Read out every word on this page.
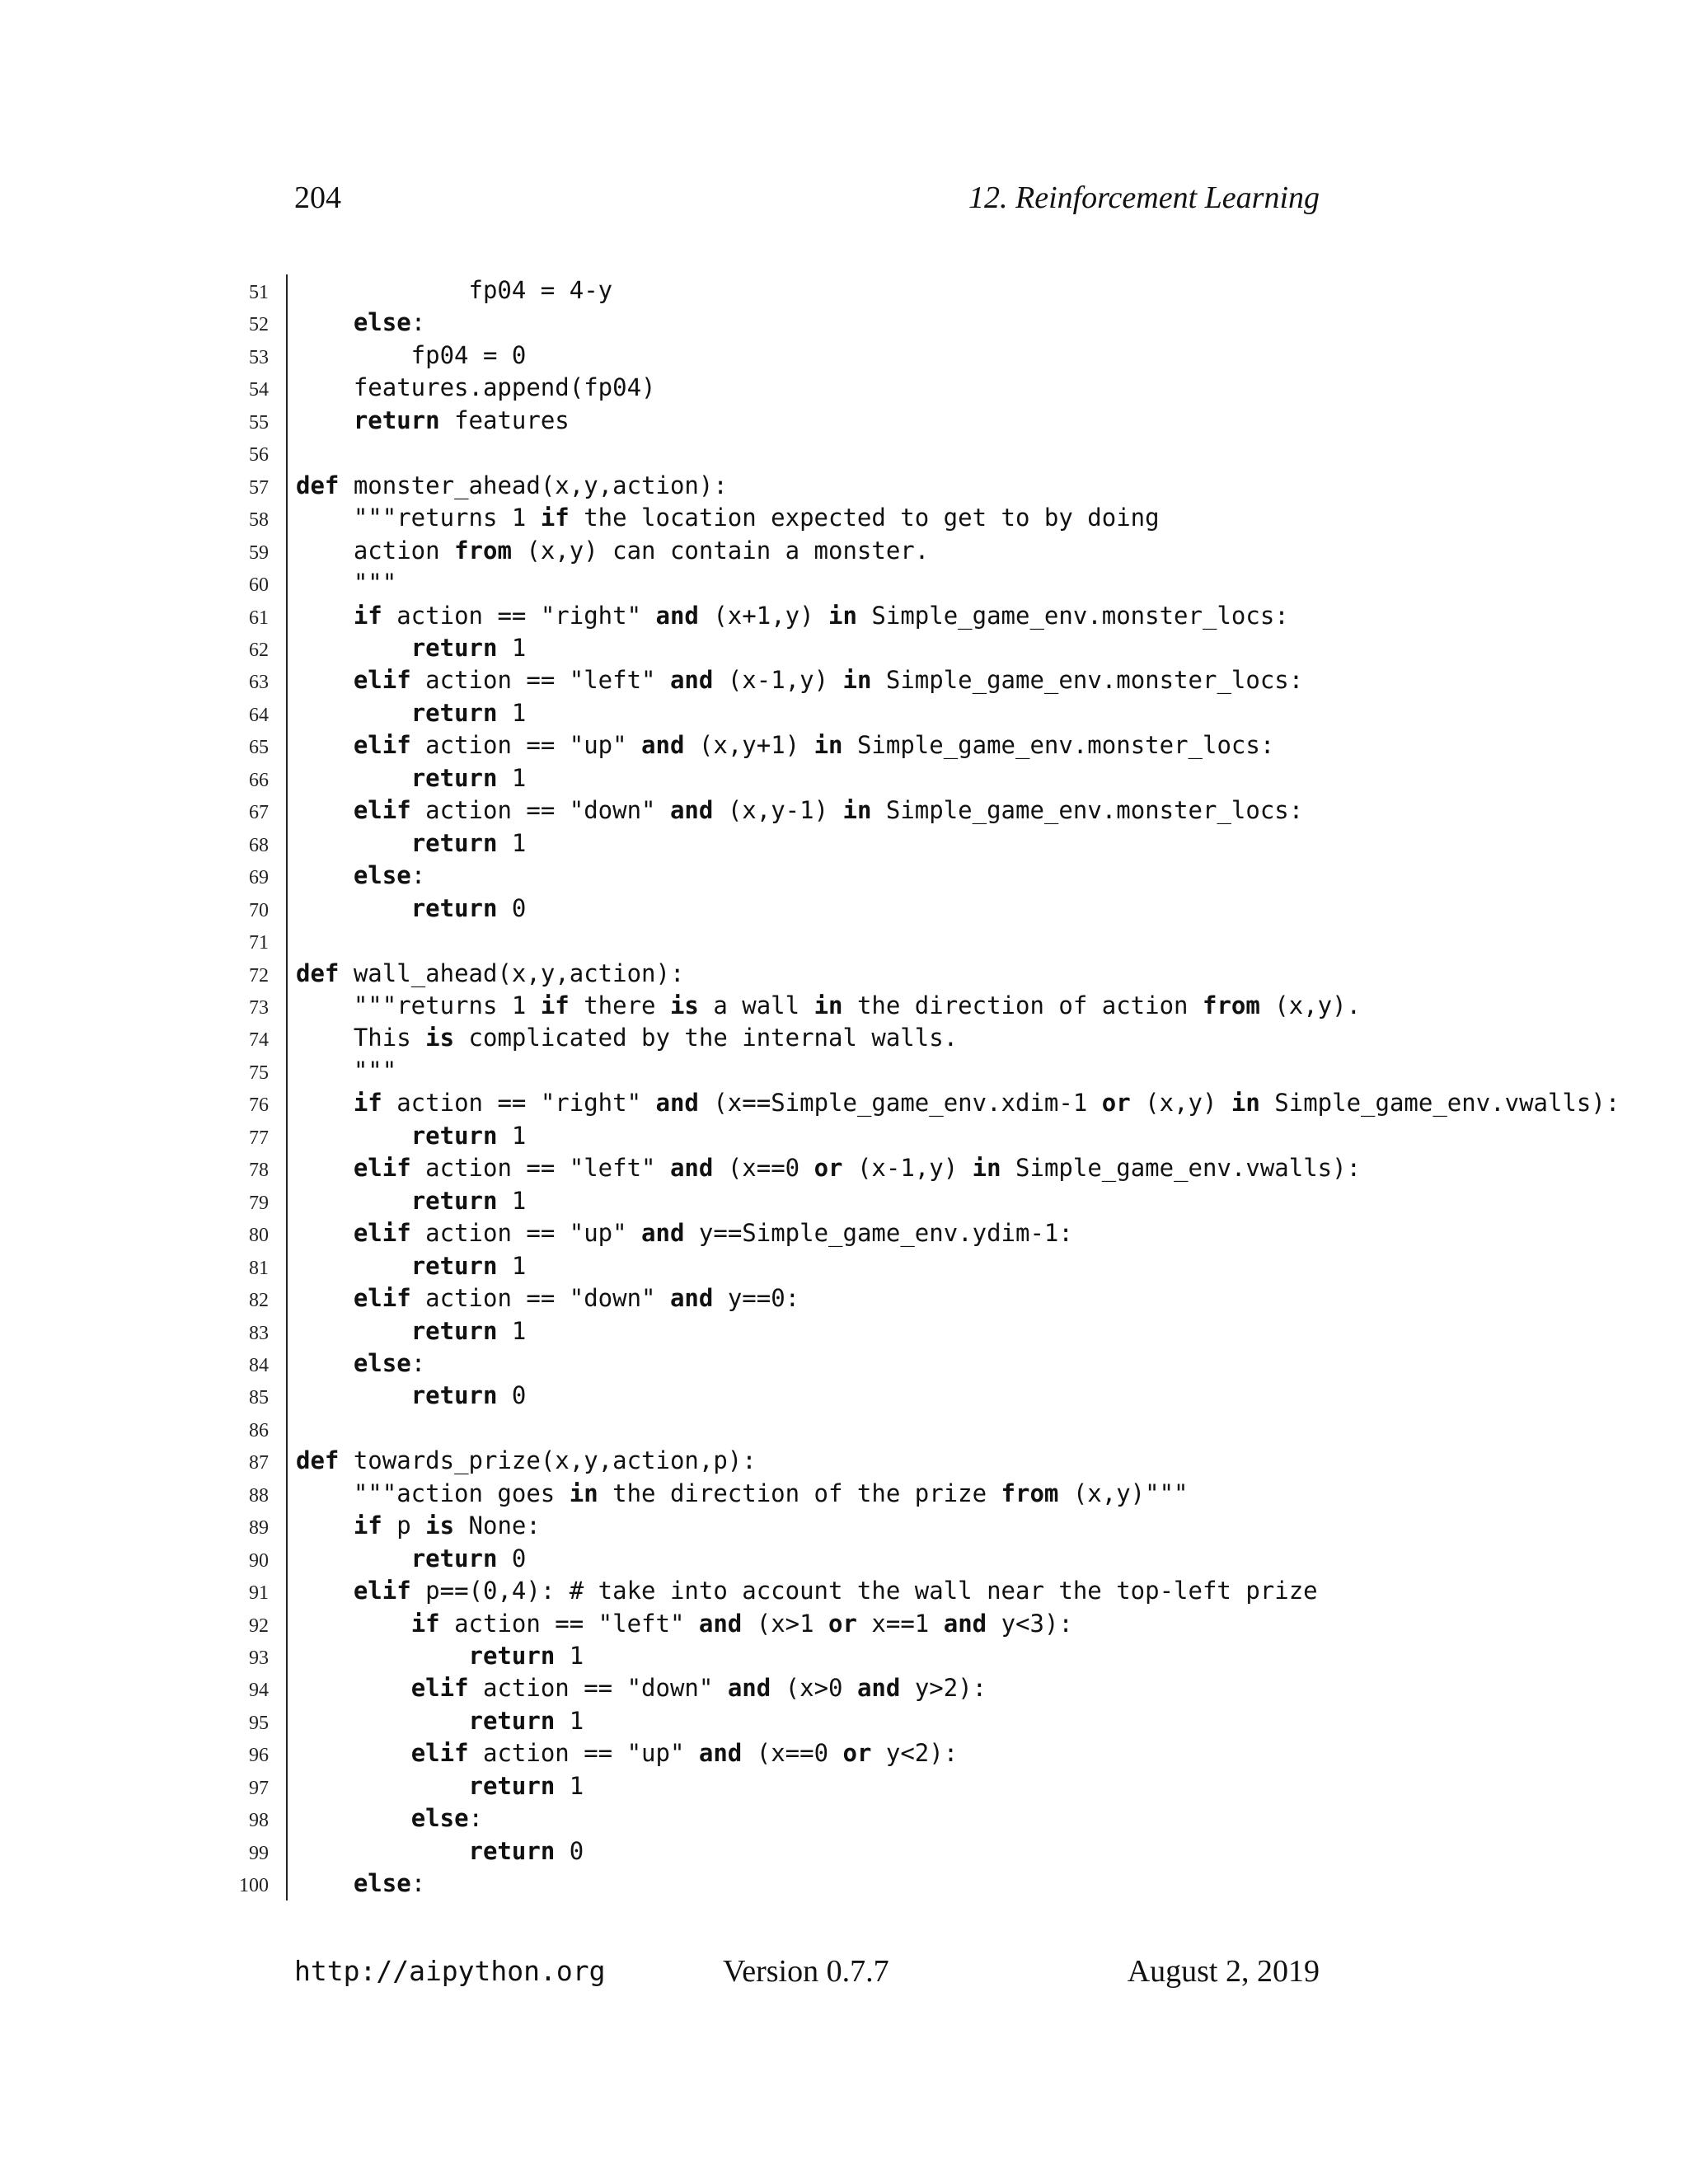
204	12. Reinforcement Learning
51 fp04 = 4-y
52	else:
53 fp04 = 0
54 features.append(fp04)
55	return features
56
57 def monster_ahead(x,y,action):
58 """returns 1 if the location expected to get to by doing
59 action from (x,y) can contain a monster.
60 """
61	if action == "right" and (x+1,y) in Simple_game_env.monster_locs:
62	return 1
63	elif action == "left" and (x-1,y) in Simple_game_env.monster_locs:
64	return 1
65	elif action == "up" and (x,y+1) in Simple_game_env.monster_locs:
66	return 1
67	elif action == "down" and (x,y-1) in Simple_game_env.monster_locs:
68	return 1
69	else:
70	return 0
71
72 def wall_ahead(x,y,action):
73 """returns 1 if there is a wall in the direction of action from (x,y).
74 This is complicated by the internal walls.
75 """
76	if action == "right" and (x==Simple_game_env.xdim-1 or (x,y) in Simple_game_env.vwalls):
77	return 1
78	elif action == "left" and (x==0 or (x-1,y) in Simple_game_env.vwalls):
79	return 1
80	elif action == "up" and y==Simple_game_env.ydim-1:
81	return 1
82	elif action == "down" and y==0:
83	return 1
84	else:
85	return 0
86
87 def towards_prize(x,y,action,p):
88 """action goes in the direction of the prize from (x,y)"""
89	if p is None:
90	return 0
91	elif p==(0,4): # take into account the wall near the top-left prize
92	if action == "left" and (x>1 or x==1 and y<3):
93	return 1
94	elif action == "down" and (x>0 and y>2):
95	return 1
96	elif action == "up" and (x==0 or y<2):
97	return 1
98	else:
99	return 0
100	else:
http://aipython.org	Version 0.7.7	August 2, 2019
